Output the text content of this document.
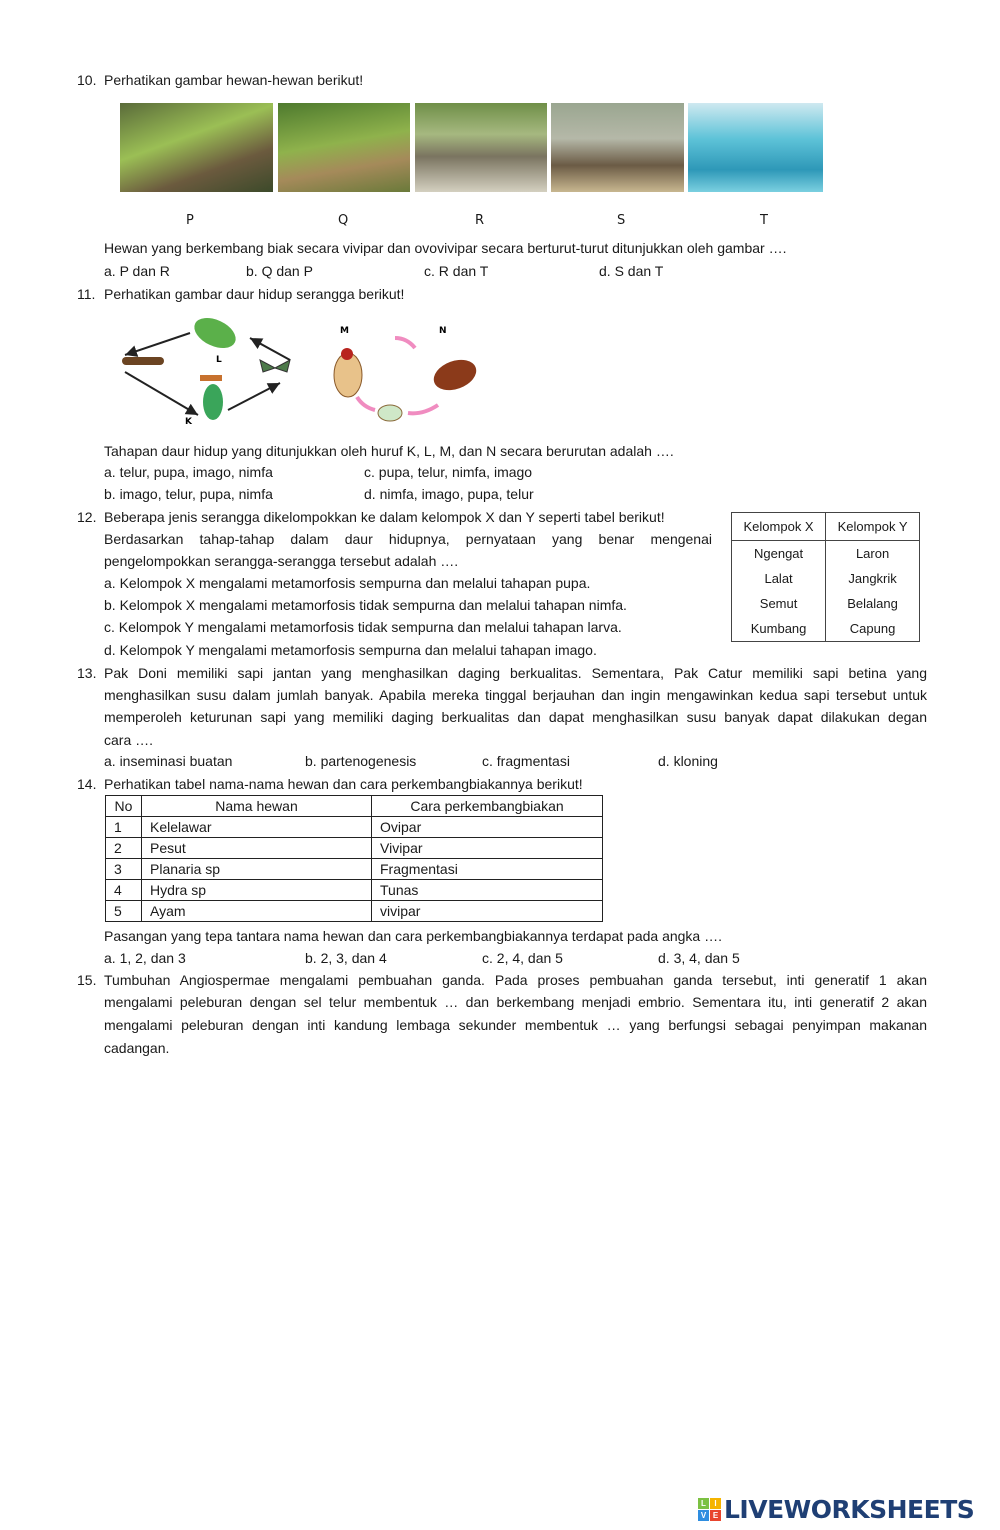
10. Perhatikan gambar hewan-hewan berikut!
P	Q	R	S	T
Hewan yang berkembang biak secara vivipar dan ovovivipar secara berturut-turut ditunjukkan oleh gambar ….
a. P dan R	b. Q dan P	c. R dan T	d. S dan T
11. Perhatikan gambar daur hidup serangga berikut!
L
K
M	N
Tahapan daur hidup yang ditunjukkan oleh huruf K, L, M, dan N secara berurutan adalah ….
a. telur, pupa, imago, nimfa
b. imago, telur, pupa, nimfa
c. pupa, telur, nimfa, imago
d. nimfa, imago, pupa, telur
12. Beberapa jenis serangga dikelompokkan ke dalam kelompok X dan Y seperti tabel berikut!
Berdasarkan tahap-tahap dalam daur hidupnya, pernyataan yang benar mengenai
pengelompokkan serangga-serangga tersebut adalah ….
a. Kelompok X mengalami metamorfosis sempurna dan melalui tahapan pupa.
b. Kelompok X mengalami metamorfosis tidak sempurna dan melalui tahapan nimfa.
c. Kelompok Y mengalami metamorfosis tidak sempurna dan melalui tahapan larva.
d. Kelompok Y mengalami metamorfosis sempurna dan melalui tahapan imago.
Kelompok X	Kelompok Y
Ngengat	Laron
Lalat	Jangkrik
Semut	Belalang
Kumbang	Capung
13. Pak Doni memiliki sapi jantan yang menghasilkan daging berkualitas. Sementara, Pak Catur memiliki sapi betina yang
menghasilkan susu dalam jumlah banyak. Apabila mereka tinggal berjauhan dan ingin mengawinkan kedua sapi tersebut untuk
memperoleh keturunan sapi yang memiliki daging berkualitas dan dapat menghasilkan susu banyak dapat dilakukan degan
cara ….
a. inseminasi buatan	b. partenogenesis	c. fragmentasi	d. kloning
14. Perhatikan tabel nama-nama hewan dan cara perkembangbiakannya berikut!
No	Nama hewan	Cara perkembangbiakan
1	Kelelawar	Ovipar
2	Pesut	Vivipar
3	Planaria sp	Fragmentasi
4	Hydra sp	Tunas
5	Ayam	vivipar
Pasangan yang tepa tantara nama hewan dan cara perkembangbiakannya terdapat pada angka ….
a. 1, 2, dan 3	b. 2, 3, dan 4	c. 2, 4, dan 5	d. 3, 4, dan 5
15. Tumbuhan Angiospermae mengalami pembuahan ganda. Pada proses pembuahan ganda tersebut, inti generatif 1 akan
mengalami peleburan dengan sel telur membentuk … dan berkembang menjadi embrio. Sementara itu, inti generatif 2 akan
mengalami peleburan dengan inti kandung lembaga sekunder membentuk … yang berfungsi sebagai penyimpan makanan
cadangan.
L	I
V E LIVEWORKSHEETS
